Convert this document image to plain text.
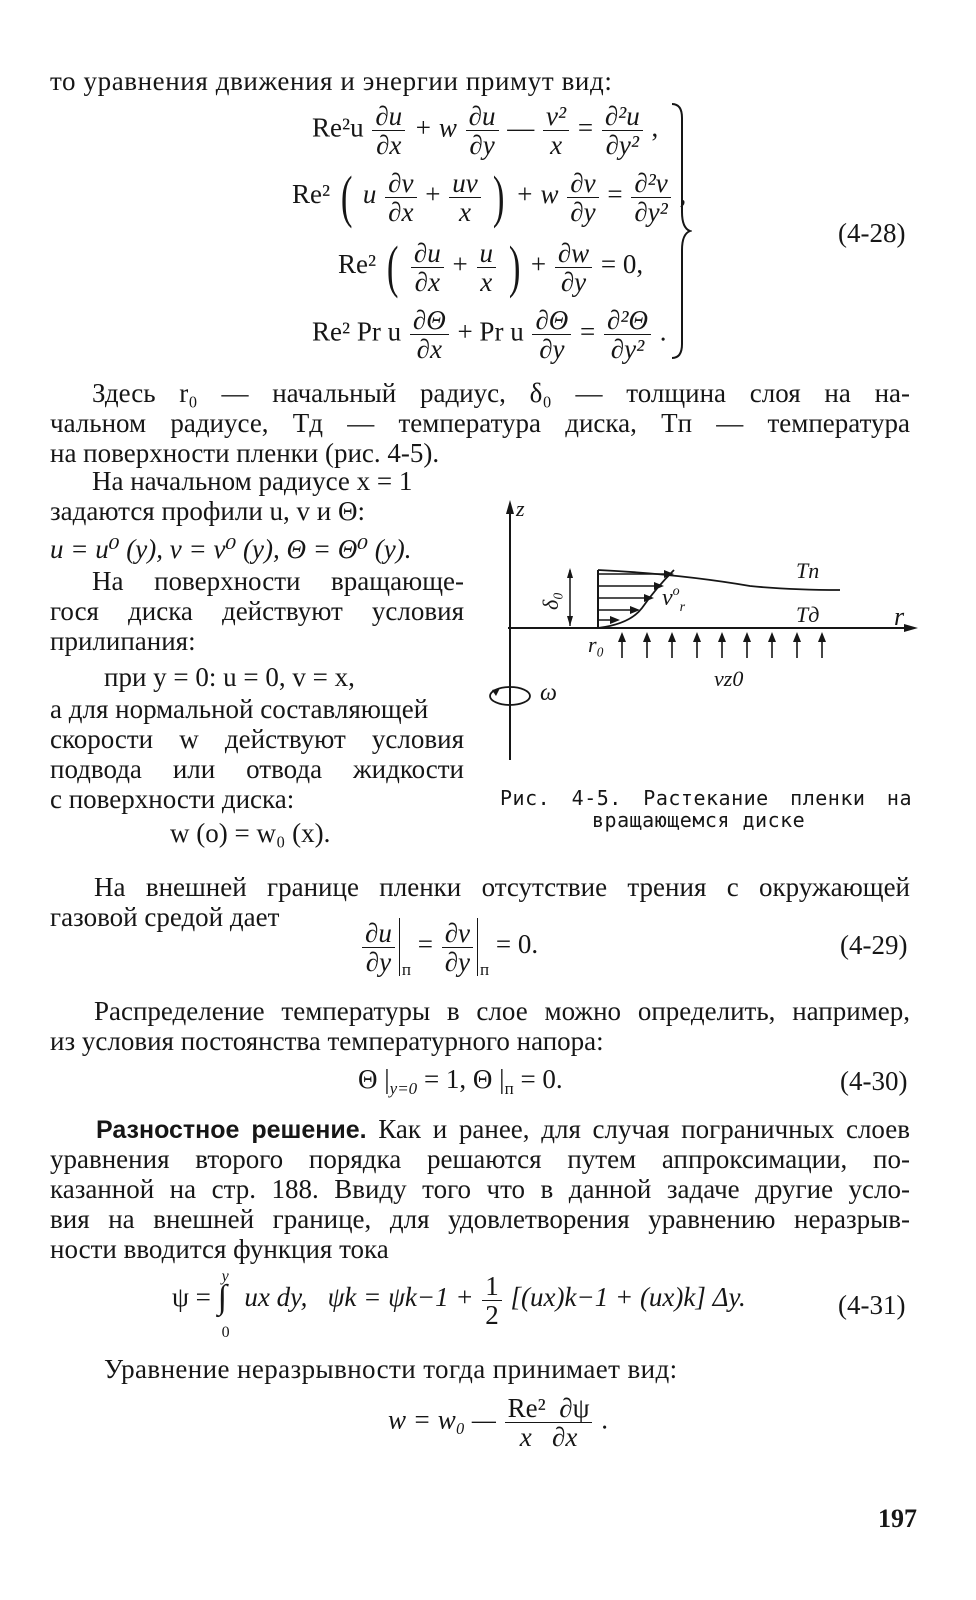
то уравнения движения и энергии примут вид:
$Re^2u \frac{\partial u}{\partial x} + w \frac{\partial u}{\partial y}$ — $\frac{\text{v²}}{x} = \frac{\text{∂²u}}{\text{∂y²}}$ ,
Re² ( u $\frac{\partial v}{\partial x} + \frac{uv}{x}$ ) + w $\frac{\partial v}{\partial y} = \frac{\text{∂²v}}{\text{∂y²}}$ ,
Re² ( $\frac{\partial u}{\partial x} + \frac{u}{x}$ ) + $\frac{\partial w}{\partial y} = 0$,
Re² Pr u $\frac{\partial\Theta}{\partial x} + Pr$ u $\frac{\partial\Theta}{\partial y} = \frac{\text{∂²Θ}}{\text{∂y²}}$ .
(4-28)
Здесь r₀ — начальный радиус, δ₀ — толщина слоя на на-
чальном радиусе, Tд — температура диска, Tп — температура
на поверхности пленки (рис. 4-5).
На начальном радиусе x = 1
задаются профили u, v и Θ:
u = u⁰ (y), v = v⁰ (y), Θ = Θ⁰ (y).
На поверхности вращающе-
гося диска действуют условия
прилипания:
при y = 0: u = 0, v = x,
а для нормальной составляющей
скорости w действуют условия
подвода или отвода жидкости
с поверхности диска:
w (o) = w₀ (x).
z
r
δ₀	$v^o_r$
Tп
Tд
r₀
vz0
ω
Рис. 4-5. Растекание пленки на
вращающемся диске
На внешней границе пленки отсутствие трения с окружающей
газовой средой дает
$\frac{\partial u}{\partial y} _п = \frac{\partial v}{\partial y} _п = 0$.	(4-29)
Распределение температуры в слое можно определить, например,
из условия постоянства температурного напора:
Θ $|_{y=0} = 1$, Θ $|_п = 0$.	(4-30)
Разностное решение. Как и ранее, для случая пограничных слоев
уравнения второго порядка решаются путем аппроксимации, по-
казанной на стр. 188. Ввиду того что в данной задаче другие усло-
вия на внешней границе, для удовлетворения уравнению неразрыв-
ности вводится функция тока
ψ =
y
∫
0
ux dy, $\psi k = \psi k-1 + \frac{1}{2} [(ux)k-1 + (ux)k]$ Δy.	(4-31)
Уравнение неразрывности тогда принимает вид:
w = w₀ — $\frac{\text{Re²  ∂ψ}}{x \partial x}$ .
197
